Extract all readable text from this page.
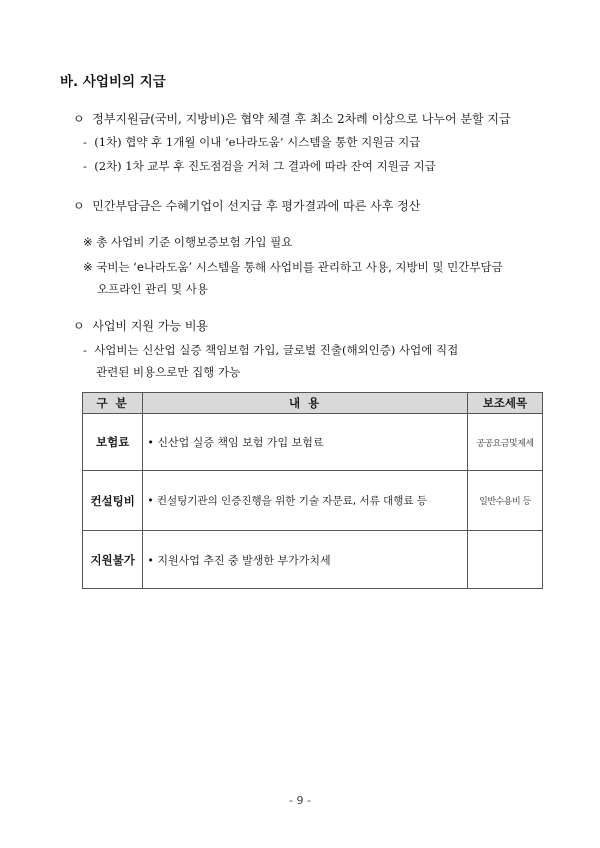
바. 사업비의 지급
ㅇ 정부지원금(국비, 지방비)은 협약 체결 후 최소 2차례 이상으로 나누어 분할 지급
- (1차) 협약 후 1개월 이내 ‘e나라도움’ 시스템을 통한 지원금 지급
- (2차) 1차 교부 후 진도점검을 거쳐 그 결과에 따라 잔여 지원금 지급
ㅇ 민간부담금은 수혜기업이 선지급 후 평가결과에 따른 사후 정산
※ 총 사업비 기준 이행보증보험 가입 필요
※ 국비는 ‘e나라도움’ 시스템을 통해 사업비를 관리하고 사용, 지방비 및 민간부담금
오프라인 관리 및 사용
ㅇ 사업비 지원 가능 비용
- 사업비는 신산업 실증 책임보험 가입, 글로벌 진출(해외인증) 사업에 직접
관련된 비용으로만 집행 가능
구 분	내 용	보조세목
보험료	• 신산업 실증 책임 보험 가입 보험료	공공요금및제세
컨설팅비	• 컨설팅기관의 인증진행을 위한 기술 자문료, 서류 대행료 등	일반수용비 등
지원불가	• 지원사업 추진 중 발생한 부가가치세	
- 9 -
